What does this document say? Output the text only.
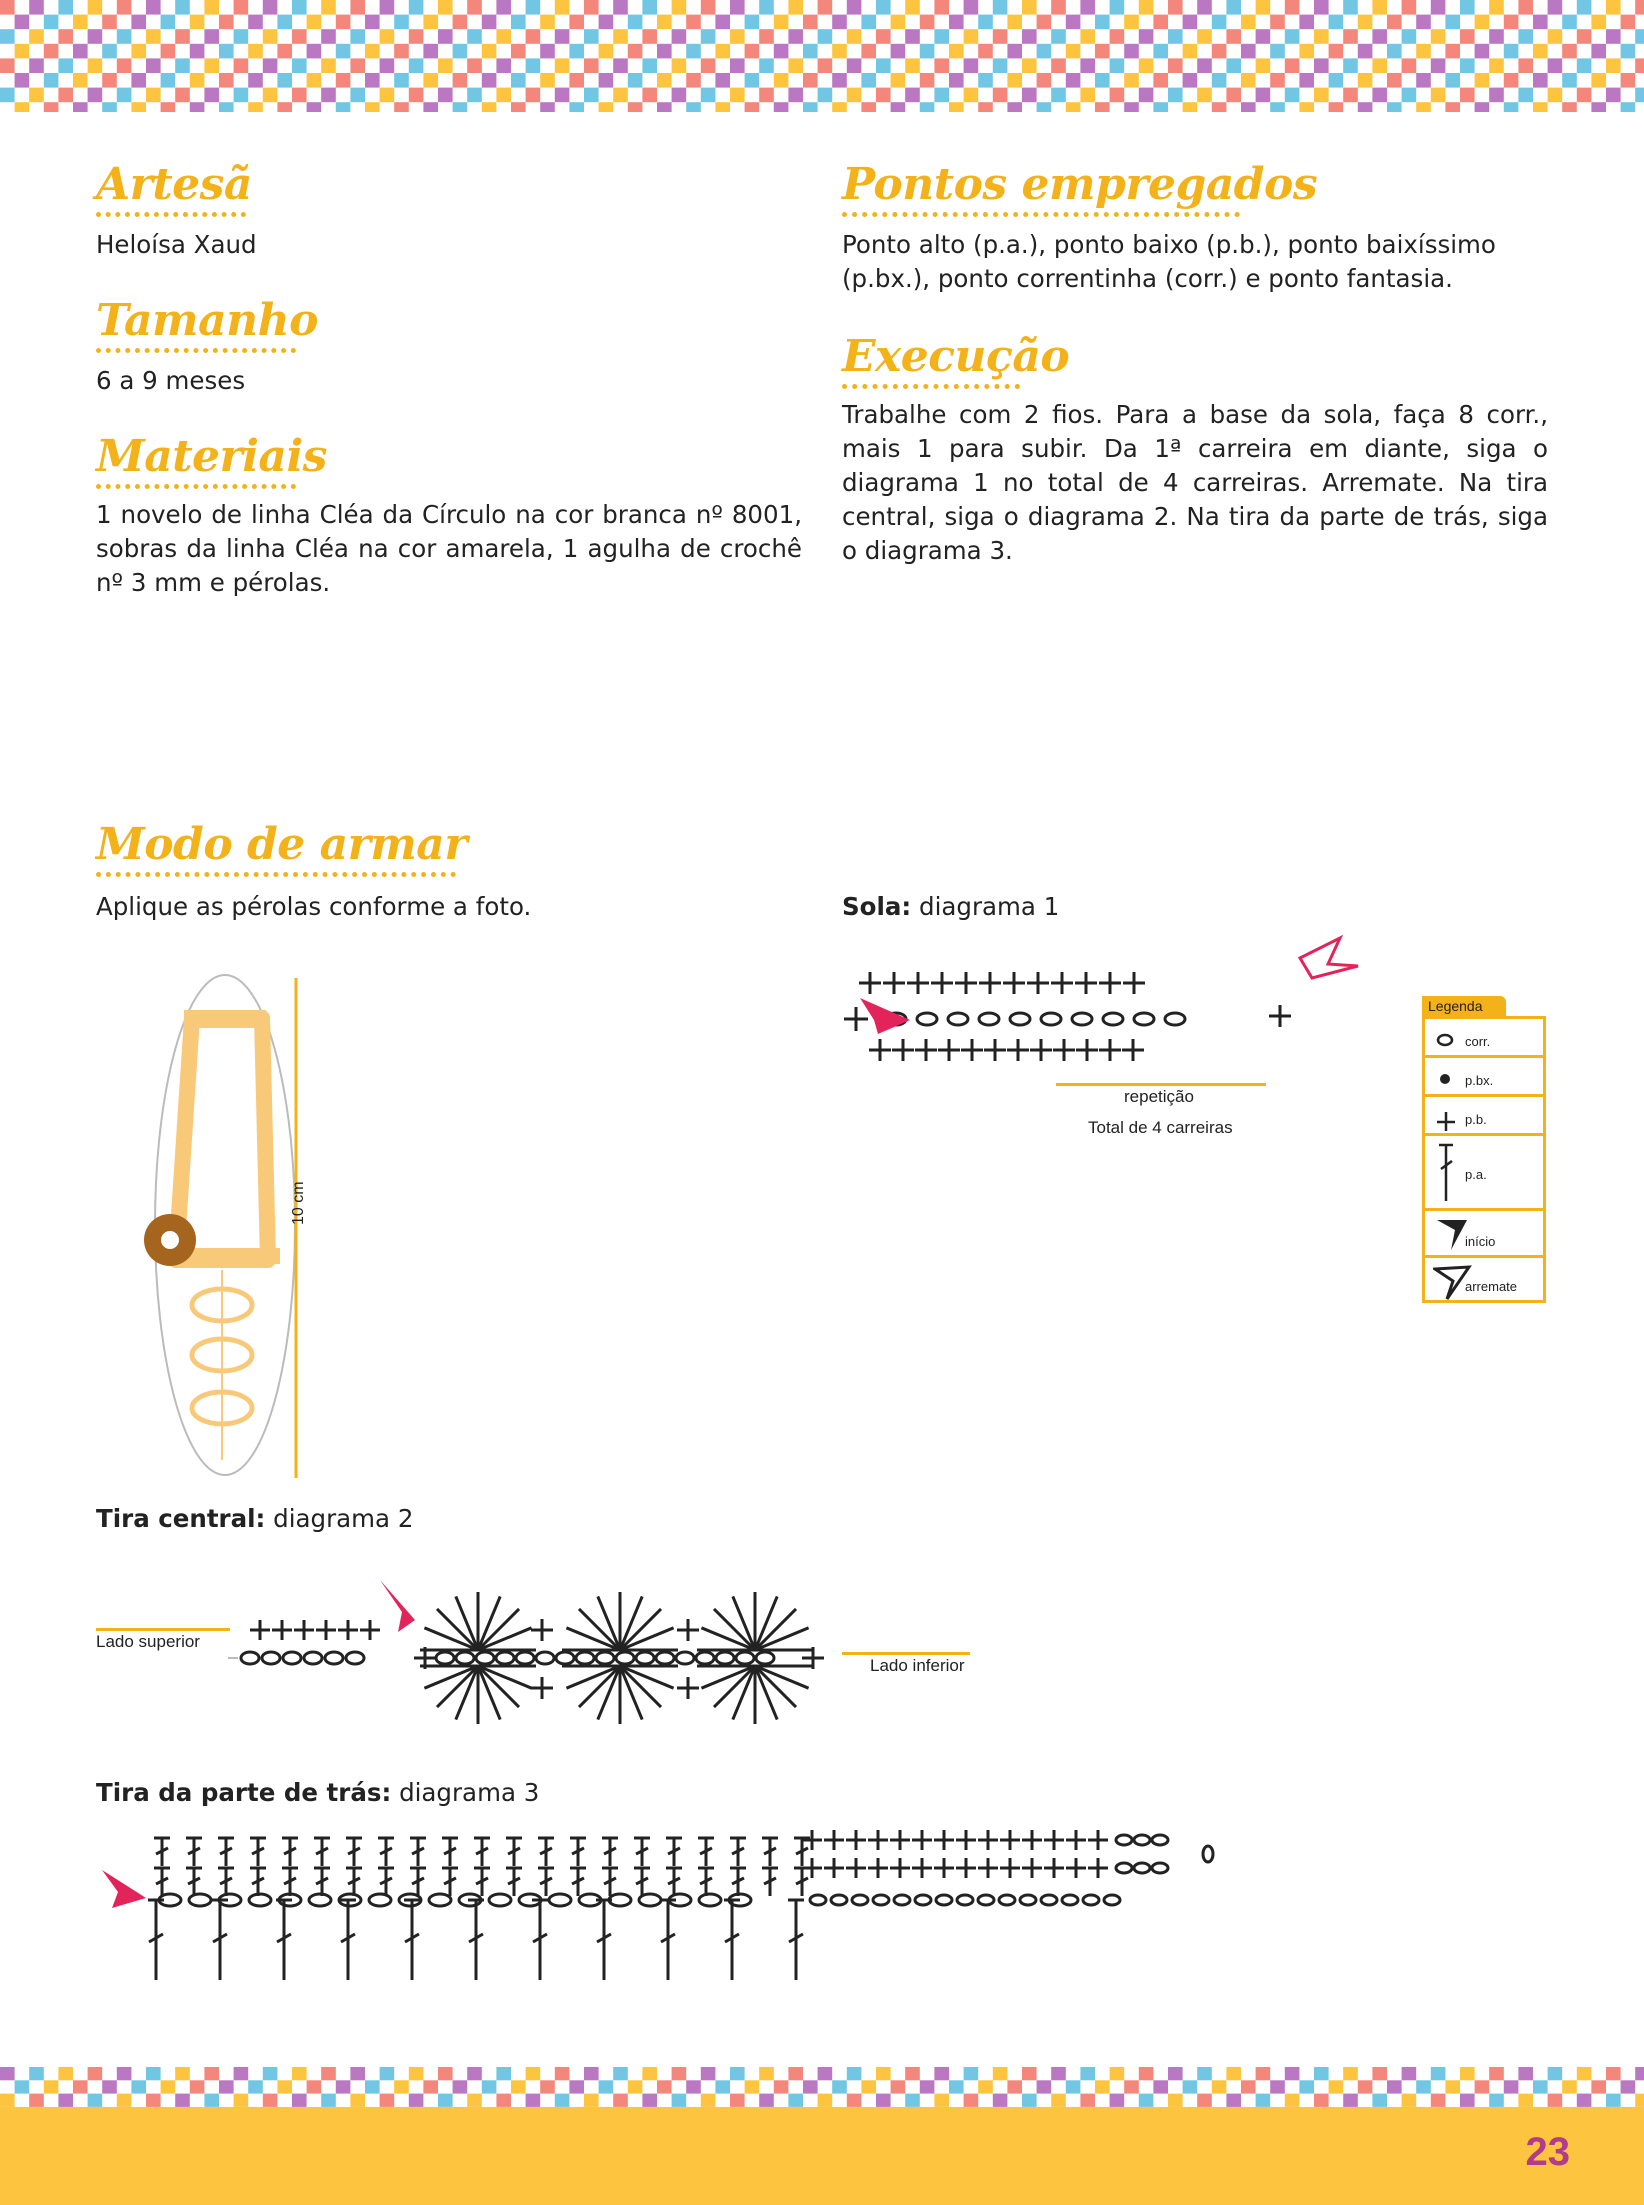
Artesã
Heloísa Xaud
Tamanho
6 a 9 meses
Materiais
1 novelo de linha Cléa da Círculo na cor branca nº 8001, sobras da linha Cléa na cor amarela, 1 agulha de crochê nº 3 mm e pérolas.
Pontos empregados
Ponto alto (p.a.), ponto baixo (p.b.), ponto baixíssimo (p.bx.), ponto correntinha (corr.) e ponto fantasia.
Execução
Trabalhe com 2 fios. Para a base da sola, faça 8 corr., mais 1 para subir. Da 1ª carreira em diante, siga o diagrama 1 no total de 4 carreiras. Arremate. Na tira central, siga o diagrama 2. Na tira da parte de trás, siga o diagrama 3.
Modo de armar
Aplique as pérolas conforme a foto.
10 cm
Sola: diagrama 1
repetição
Total de 4 carreiras
Legenda
corr.
p.bx.
p.b.
p.a.
início
arremate
Tira central: diagrama 2
Lado superior
Lado inferior
Tira da parte de trás: diagrama 3
23
